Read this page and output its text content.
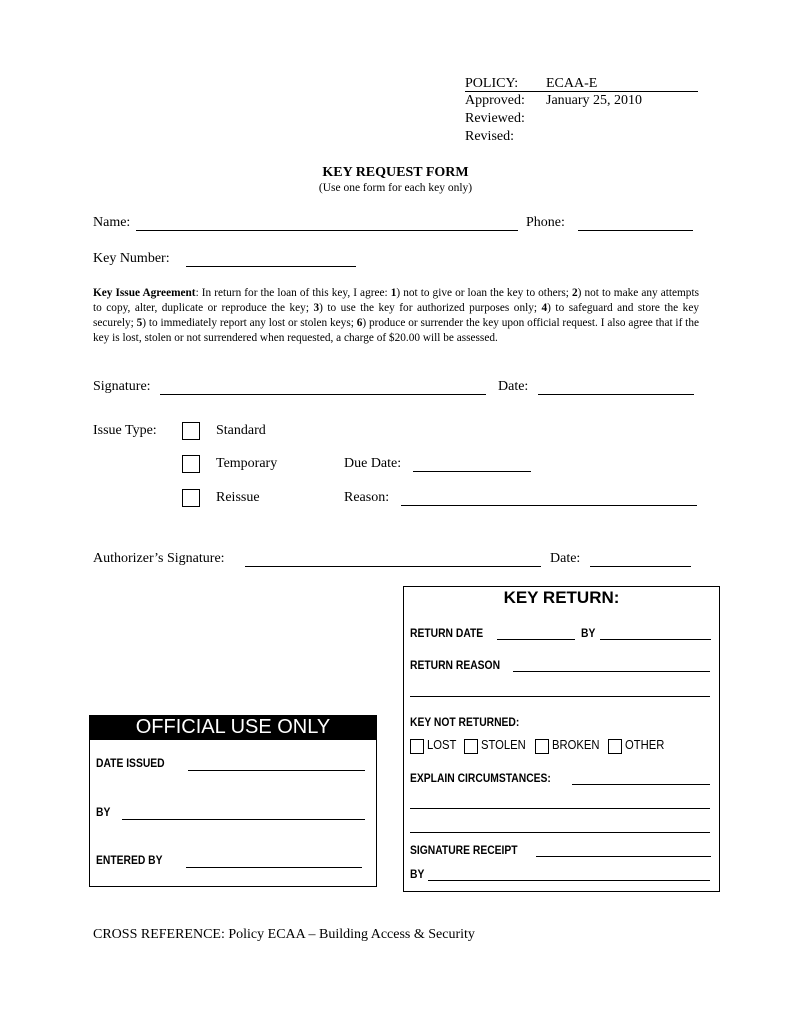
POLICY: ECAA-E
Approved: January 25, 2010
Reviewed:
Revised:
KEY REQUEST FORM
(Use one form for each key only)
Name:	Phone:
Key Number:
Key Issue Agreement: In return for the loan of this key, I agree: 1) not to give or loan the key to others; 2) not to make any attempts to copy, alter, duplicate or reproduce the key; 3) to use the key for authorized purposes only; 4) to safeguard and store the key securely; 5) to immediately report any lost or stolen keys; 6) produce or surrender the key upon official request. I also agree that if the key is lost, stolen or not surrendered when requested, a charge of $20.00 will be assessed.
Signature:	Date:
Issue Type:	Standard
Temporary	Due Date:
Reissue	Reason:
Authorizer’s Signature:	Date:
OFFICIAL USE ONLY
DATE ISSUED
BY
ENTERED BY
KEY RETURN:
RETURN DATE	BY
RETURN REASON
KEY NOT RETURNED:
LOST STOLEN BROKEN OTHER
EXPLAIN CIRCUMSTANCES:
SIGNATURE RECEIPT
BY
CROSS REFERENCE: Policy ECAA – Building Access & Security
